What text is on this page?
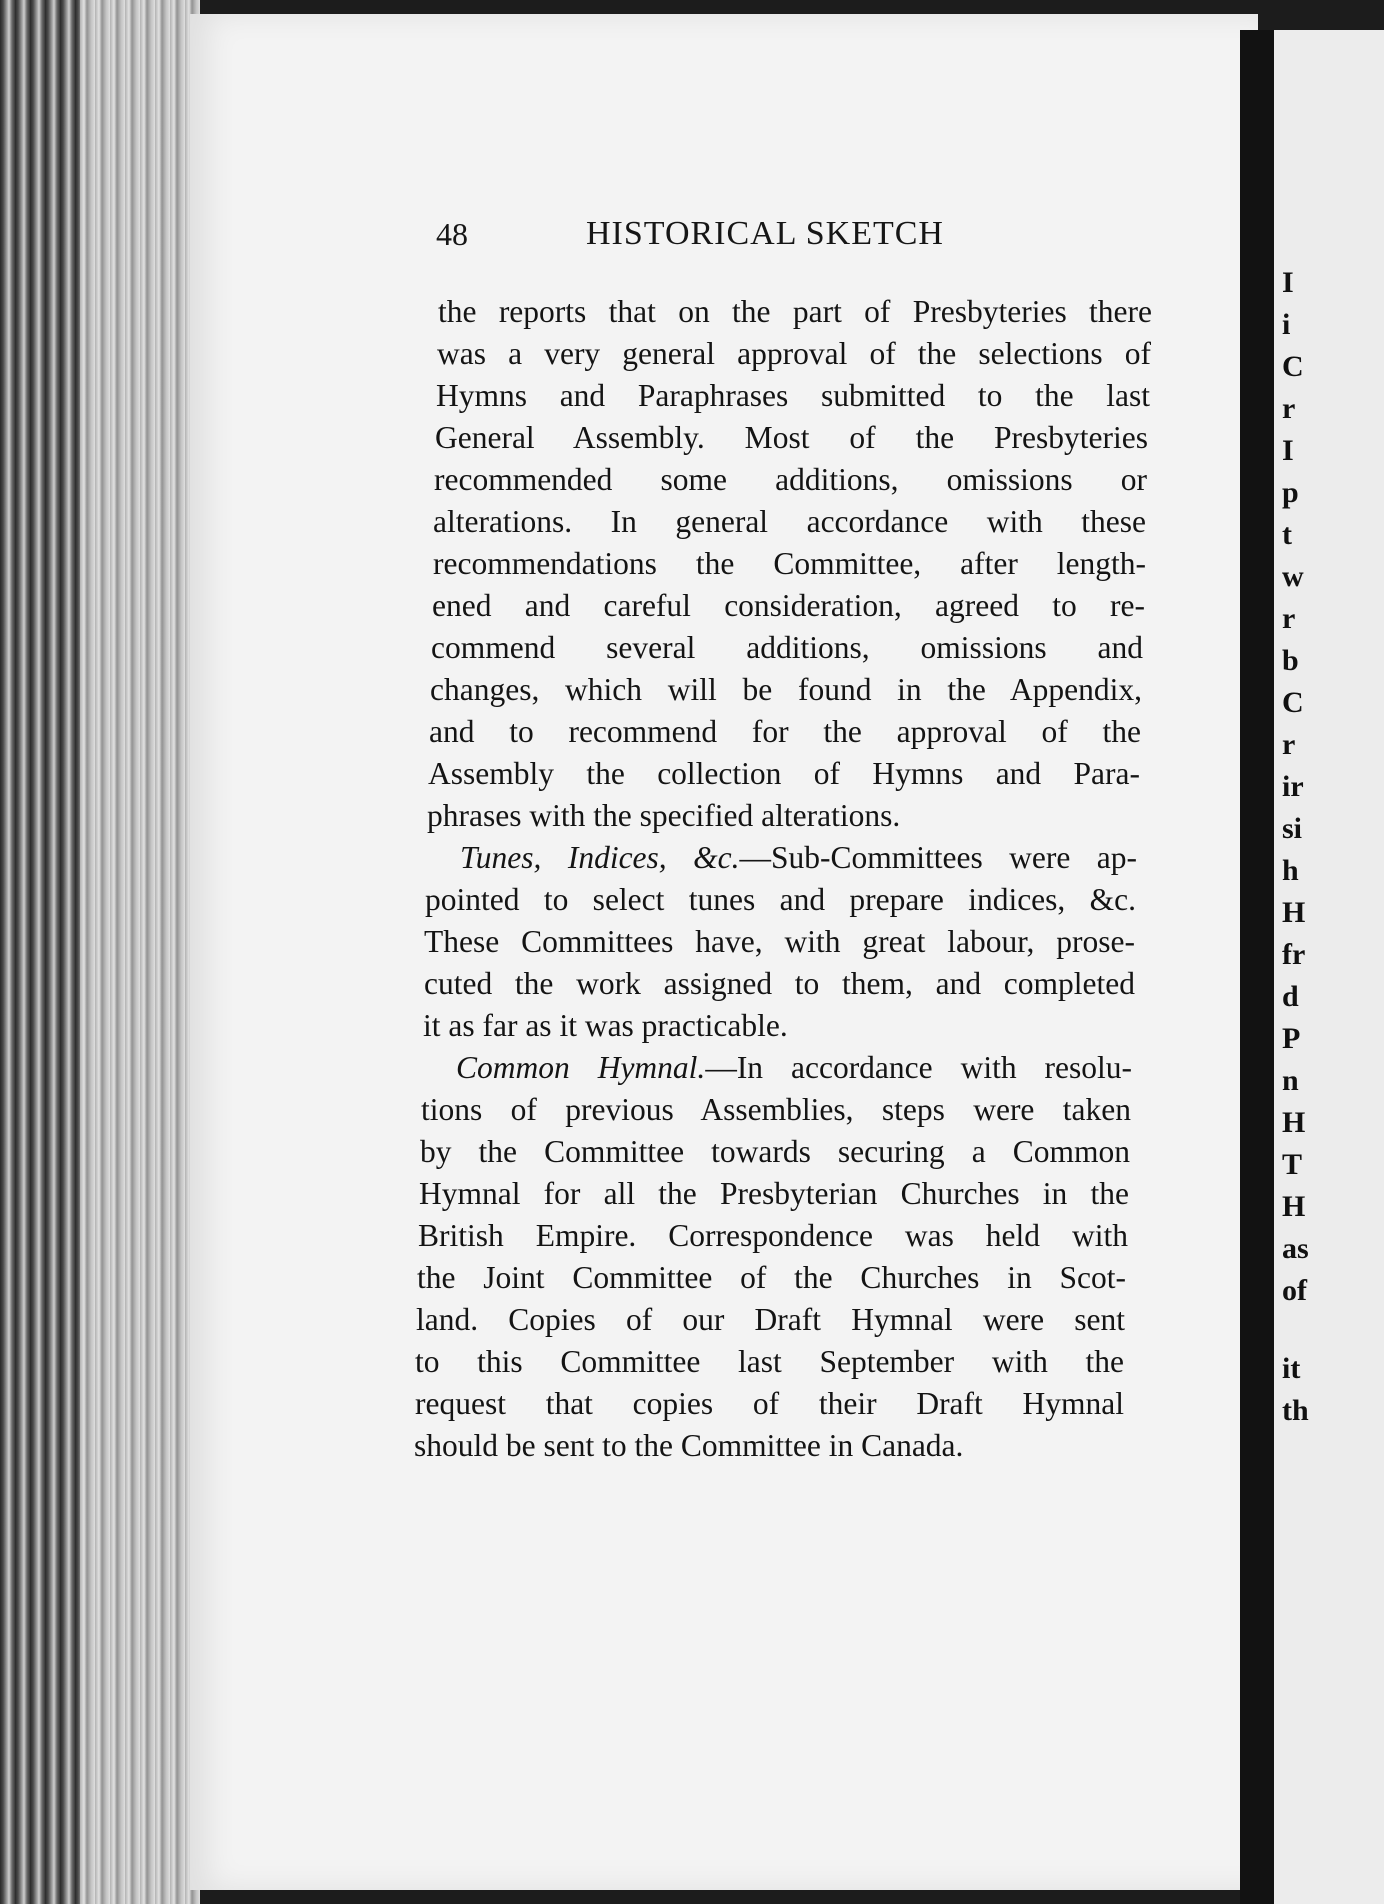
48	HISTORICAL SKETCH
the reports that on the part of Presbyteries there
was a very general approval of the selections of
Hymns and Paraphrases submitted to the last
General Assembly. Most of the Presbyteries
recommended some additions, omissions or
alterations. In general accordance with these
recommendations the Committee, after length-
ened and careful consideration, agreed to re-
commend several additions, omissions and
changes, which will be found in the Appendix,
and to recommend for the approval of the
Assembly the collection of Hymns and Para-
phrases with the specified alterations.
Tunes, Indices, &c.—Sub-Committees were ap-
pointed to select tunes and prepare indices, &c.
These Committees have, with great labour, prose-
cuted the work assigned to them, and completed
it as far as it was practicable.
Common Hymnal.—In accordance with resolu-
tions of previous Assemblies, steps were taken
by the Committee towards securing a Common
Hymnal for all the Presbyterian Churches in the
British Empire. Correspondence was held with
the Joint Committee of the Churches in Scot-
land. Copies of our Draft Hymnal were sent
to this Committee last September with the
request that copies of their Draft Hymnal
should be sent to the Committee in Canada.
I
i
C
r
I
p
t
w
r
b
C
r
ir
si
h
H
fr
d
P
n
H
T
H
as
of
it
th
